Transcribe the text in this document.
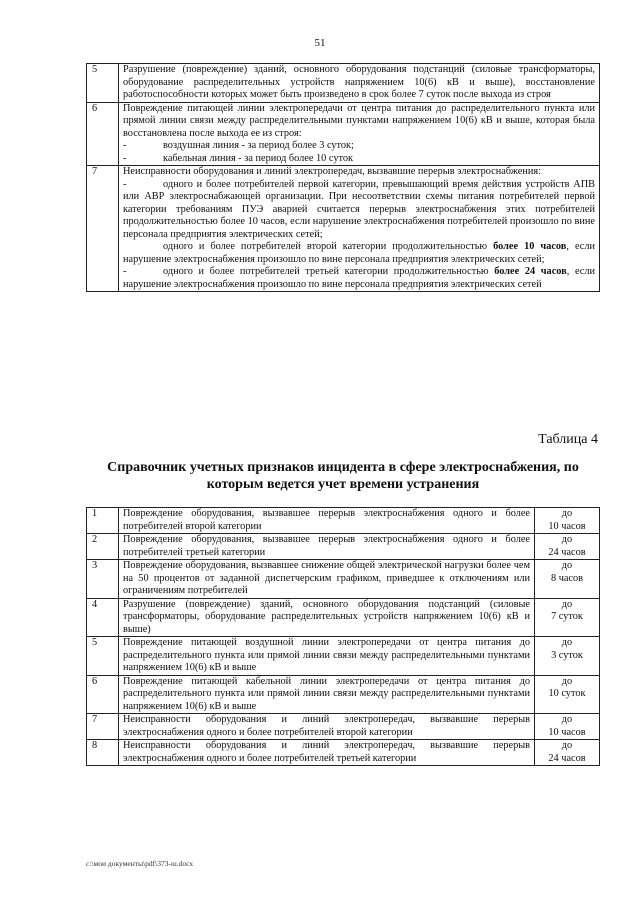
51
5	Разрушение (повреждение) зданий, основного оборудования подстанций (силовые трансформаторы, оборудование распределительных устройств напряжением 10(6) кВ и выше), восстановление работоспособности которых может быть произведено в срок более 7 суток после выхода из строя
6	Повреждение питающей линии электропередачи от центра питания до распределительного пункта или прямой линии связи между распределительными пунктами напряжением 10(6) кВ и выше, которая была восстановлена после выхода ее из строя:
- воздушная линия - за период более 3 суток;
- кабельная линия - за период более 10 суток

7	Неисправности оборудования и линий электропередач, вызвавшие перерыв электроснабжения:
- одного и более потребителей первой категории, превышающий время действия устройств АПВ или АВР электроснабжающей организации. При несоответствии схемы питания потребителей первой категории требованиям ПУЭ аварией считается перерыв электроснабжения этих потребителей продолжительностью более 10 часов, если нарушение электроснабжения потребителей произошло по вине персонала предприятия электрических сетей;
одного и более потребителей второй категории продолжительностью более 10 часов, если нарушение электроснабжения произошло по вине персонала предприятия электрических сетей;
- одного и более потребителей третьей категории продолжительностью более 24 часов, если нарушение электроснабжения произошло по вине персонала предприятия электрических сетей
Таблица 4
Справочник учетных признаков инцидента в сфере электроснабжения, по которым ведется учет времени устранения
1	Повреждение оборудования, вызвавшее перерыв электроснабжения одного и более потребителей второй категории	до
10 часов

2	Повреждение оборудования, вызвавшее перерыв электроснабжения одного и более потребителей третьей категории	до
24 часов

3	Повреждение оборудования, вызвавшее снижение общей электрической нагрузки более чем на 50 процентов от заданной диспетчерским графиком, приведшее к отключениям или ограничениям потребителей	до
8 часов

4	Разрушение (повреждение) зданий, основного оборудования подстанций (силовые трансформаторы, оборудование распределительных устройств напряжением 10(6) кВ и выше)	до
7 суток

5	Повреждение питающей воздушной линии электропередачи от центра питания до распределительного пункта или прямой линии связи между распределительными пунктами напряжением 10(6) кВ и выше	до
3 суток

6	Повреждение питающей кабельной линии электропередачи от центра питания до распределительного пункта или прямой линии связи между распределительными пунктами напряжением 10(6) кВ и выше	до
10 суток

7	Неисправности оборудования и линий электропередач, вызвавшие перерыв электроснабжения одного и более потребителей второй категории	до
10 часов

8	Неисправности оборудования и линий электропередач, вызвавшие перерыв электроснабжения одного и более потребителей третьей категории	до
24 часов
c:\мои документы\pdf\373-ш.docx
